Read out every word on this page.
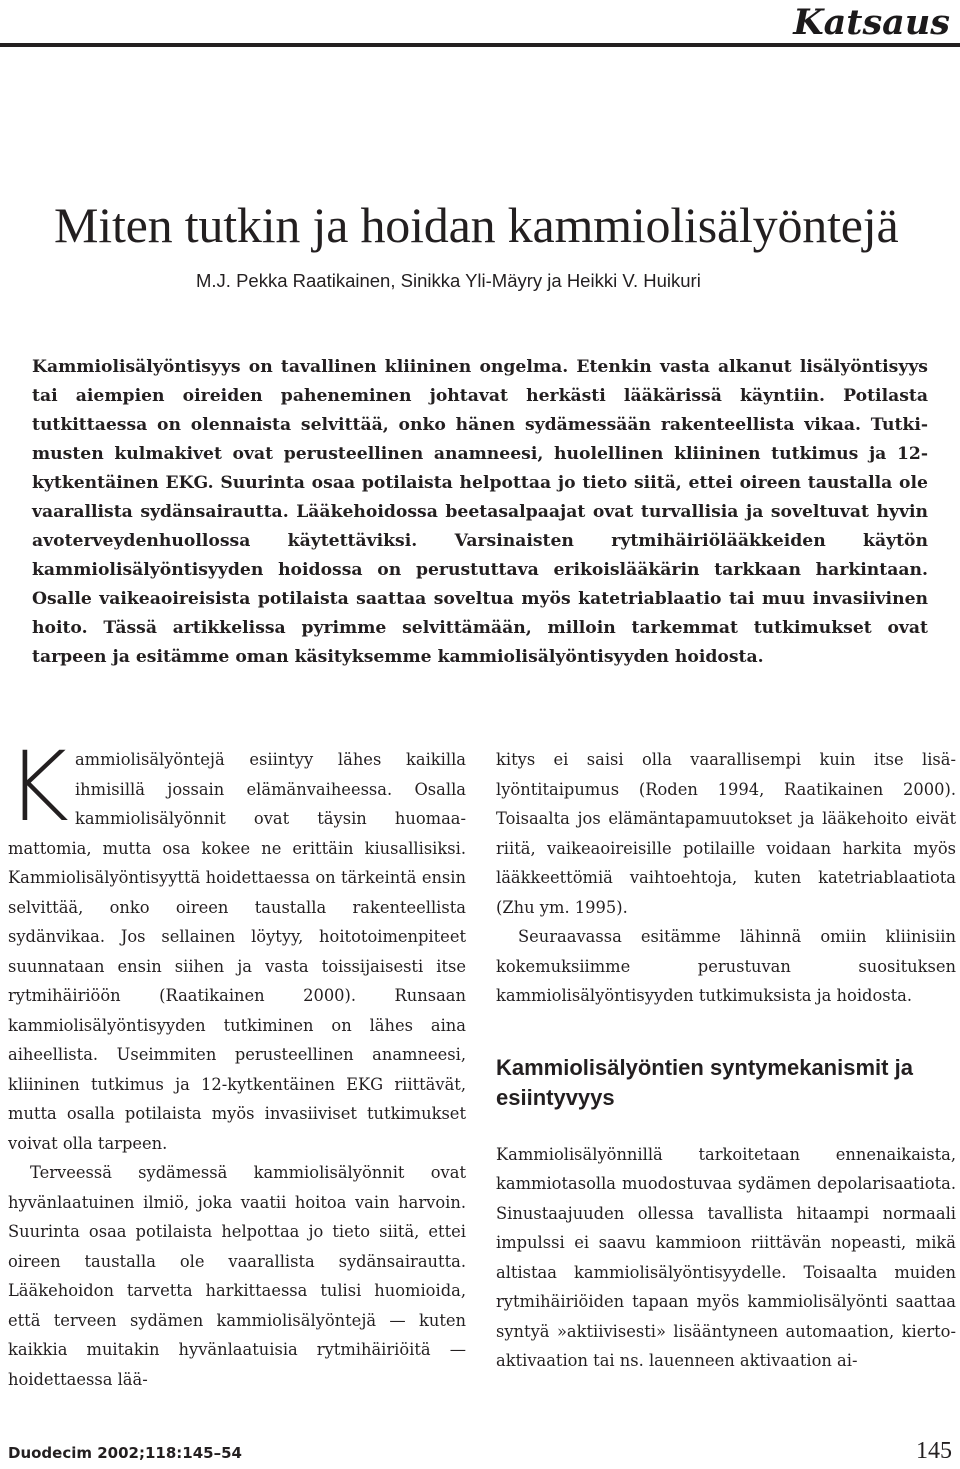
Katsaus
Miten tutkin ja hoidan kammiolisälyöntejä

M.J. Pekka Raatikainen, Sinikka Yli-Mäyry ja Heikki V. Huikuri

Kammiolisälyöntisyys on tavallinen kliininen ongelma. Etenkin vasta alkanut lisälyöntisyys tai aiempien oireiden paheneminen johtavat herkästi lääkärissä käyntiin. Potilasta tutkittaessa on olennaista selvittää, onko hänen sydämessään rakenteellista vikaa. Tutkimusten kulmakivet ovat perusteellinen anamneesi, huolellinen kliininen tutkimus ja 12-kytkentäinen EKG. Suurinta osaa potilaista helpottaa jo tieto siitä, ettei oireen taustalla ole vaarallista sydänsairautta. Lääkehoidossa beetasalpaajat ovat turvallisia ja soveltuvat hyvin avoterveydenhuollossa käytettäviksi. Varsinaisten rytmihäiriölääkkeiden käytön kammiolisälyöntisyyden hoidossa on perustuttava erikoislääkärin tarkkaan harkintaan. Osalle vaikeaoireisista potilaista saattaa soveltua myös katetriablaatio tai muu invasiivinen hoito. Tässä artikkelissa pyrimme selvittämään, milloin tarkemmat tutkimukset ovat tarpeen ja esitämme oman käsityksemme kammiolisälyöntisyyden hoidosta.

Kammiolisälyöntejä esiintyy lähes kaikilla ihmisillä jossain elämänvaiheessa. Osalla kammiolisälyönnit ovat täysin huomaamattomia, mutta osa kokee ne erittäin kiusallisiksi. Kammiolisälyöntisyyttä hoidettaessa on tärkeintä ensin selvittää, onko oireen taustalla rakenteellista sydänvikaa. Jos sellainen löytyy, hoitotoimenpiteet suunnataan ensin siihen ja vasta toissijaisesti itse rytmihäiriöön (Raatikainen 2000). Runsaan kammiolisälyöntisyyden tutkiminen on lähes aina aiheellista. Useimmiten perusteellinen anamneesi, kliininen tutkimus ja 12-kytkentäinen EKG riittävät, mutta osalla potilaista myös invasiiviset tutkimukset voivat olla tarpeen.

Terveessä sydämessä kammiolisälyönnit ovat hyvänlaatuinen ilmiö, joka vaatii hoitoa vain harvoin. Suurinta osaa potilaista helpottaa jo tieto siitä, ettei oireen taustalla ole vaarallista sydänsairautta. Lääkehoidon tarvetta harkittaessa tulisi huomioida, että terveen sydämen kammiolisälyöntejä — kuten kaikkia muitakin hyvänlaatuisia rytmihäiriöitä — hoidettaessa lää-

kitys ei saisi olla vaarallisempi kuin itse lisälyöntitaipumus (Roden 1994, Raatikainen 2000). Toisaalta jos elämäntapamuutokset ja lääkehoito eivät riitä, vaikeaoireisille potilaille voidaan harkita myös lääkkeettömiä vaihtoehtoja, kuten katetriablaatiota (Zhu ym. 1995).

Seuraavassa esitämme lähinnä omiin kliinisiin kokemuksiimme perustuvan suosituksen kammiolisälyöntisyyden tutkimuksista ja hoidosta.

Kammiolisälyöntien syntymekanismit ja esiintyvyys

Kammiolisälyönnillä tarkoitetaan ennenaikaista, kammiotasolla muodostuvaa sydämen depolarisaatiota. Sinustaajuuden ollessa tavallista hitaampi normaali impulssi ei saavu kammioon riittävän nopeasti, mikä altistaa kammiolisälyöntisyydelle. Toisaalta muiden rytmihäiriöiden tapaan myös kammiolisälyönti saattaa syntyä »aktiivisesti» lisääntyneen automaation, kiertoaktivaation tai ns. lauenneen aktivaation ai-

Duodecim 2002;118:145–54	145
